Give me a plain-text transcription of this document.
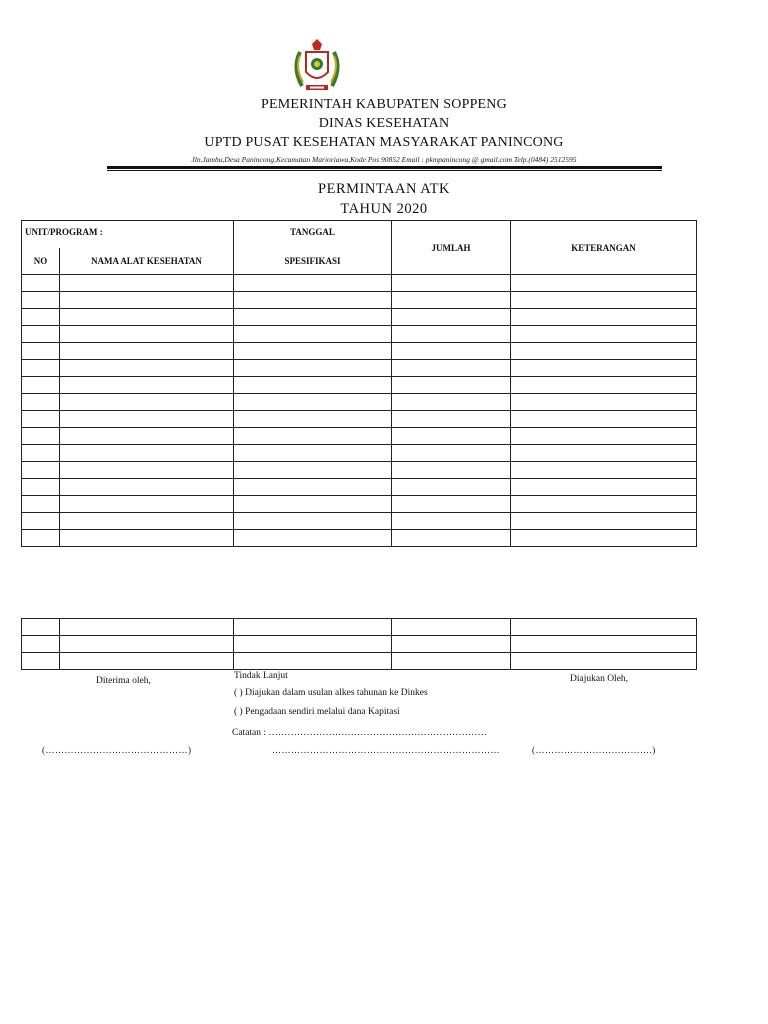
PEMERINTAH KABUPATEN SOPPENG
DINAS KESEHATAN
UPTD PUSAT KESEHATAN MASYARAKAT PANINCONG
Jln.Jambu,Desa Panincong,Kecamatan Marioriawa,Kode Pos 90852 Email : pkmpanincong @ gmail.com Telp.(0484) 2512595
PERMINTAAN ATK
TAHUN 2020
UNIT/PROGRAM :		TANGGAL	JUMLAH	KETERANGAN
NO	NAMA ALAT KESEHATAN	SPESIFIKASI		

Diterima oleh,	Tindak Lanjut
( ) Diajukan dalam usulan alkes tahunan ke Dinkes
( ) Pengadaan sendiri melalui dana Kapitasi
Catatan : ……………………………………………………………
Diajukan Oleh,
(………………………………………)	………………………………………………………………	(……………………………….)
